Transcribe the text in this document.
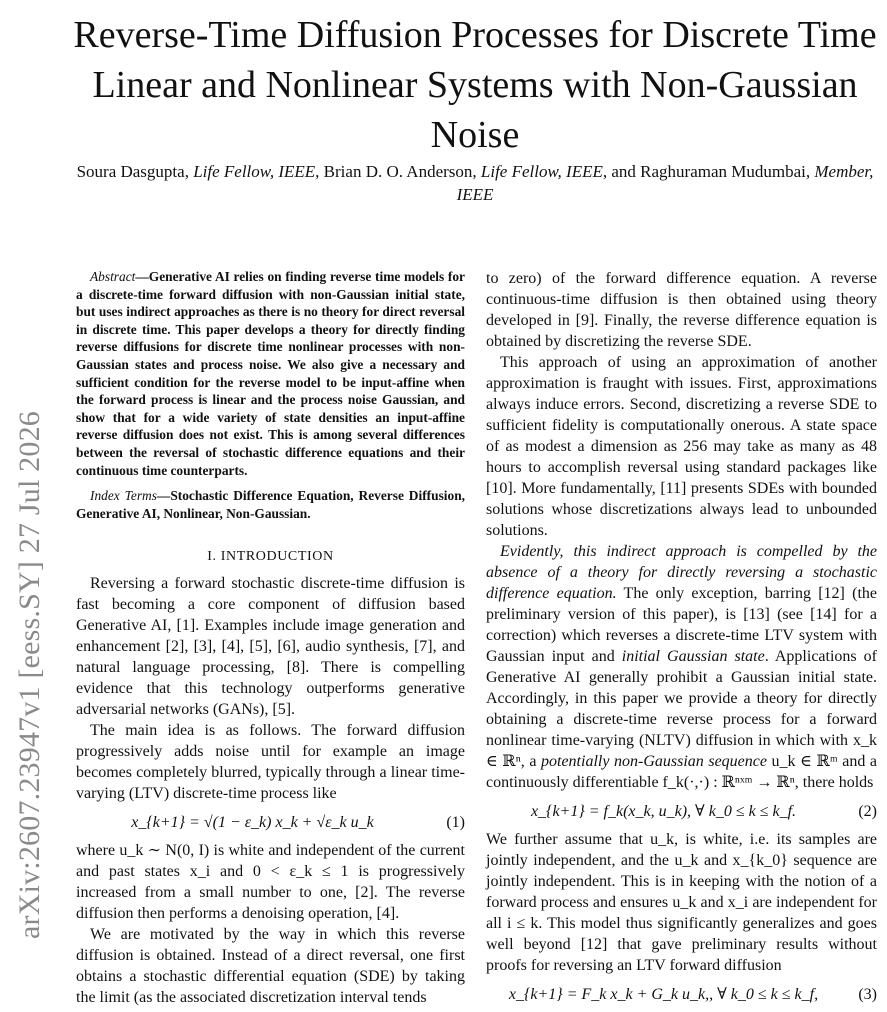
arXiv:2607.23947v1 [eess.SY] 27 Jul 2026
Reverse-Time Diffusion Processes for Discrete Time Linear and Nonlinear Systems with Non-Gaussian Noise

Soura Dasgupta, Life Fellow, IEEE, Brian D. O. Anderson, Life Fellow, IEEE, and Raghuraman Mudumbai, Member, IEEE

Abstract—Generative AI relies on finding reverse time models for a discrete-time forward diffusion with non-Gaussian initial state, but uses indirect approaches as there is no theory for direct reversal in discrete time. This paper develops a theory for directly finding reverse diffusions for discrete time nonlinear processes with non-Gaussian states and process noise. We also give a necessary and sufficient condition for the reverse model to be input-affine when the forward process is linear and the process noise Gaussian, and show that for a wide variety of state densities an input-affine reverse diffusion does not exist. This is among several differences between the reversal of stochastic difference equations and their continuous time counterparts.

Index Terms—Stochastic Difference Equation, Reverse Diffusion, Generative AI, Nonlinear, Non-Gaussian.

I. INTRODUCTION

Reversing a forward stochastic discrete-time diffusion is fast becoming a core component of diffusion based Generative AI, [1]. Examples include image generation and enhancement [2], [3], [4], [5], [6], audio synthesis, [7], and natural language processing, [8]. There is compelling evidence that this technology outperforms generative adversarial networks (GANs), [5].

The main idea is as follows. The forward diffusion progressively adds noise until for example an image becomes completely blurred, typically through a linear time-varying (LTV) discrete-time process like

x_{k+1} = √(1 − ε_k) x_k + √ε_k u_k	(1)

where u_k ∼ N(0, I) is white and independent of the current and past states x_i and 0 < ε_k ≤ 1 is progressively increased from a small number to one, [2]. The reverse diffusion then performs a denoising operation, [4].

We are motivated by the way in which this reverse diffusion is obtained. Instead of a direct reversal, one first obtains a stochastic differential equation (SDE) by taking the limit (as the associated discretization interval tends

to zero) of the forward difference equation. A reverse continuous-time diffusion is then obtained using theory developed in [9]. Finally, the reverse difference equation is obtained by discretizing the reverse SDE.

This approach of using an approximation of another approximation is fraught with issues. First, approximations always induce errors. Second, discretizing a reverse SDE to sufficient fidelity is computationally onerous. A state space of as modest a dimension as 256 may take as many as 48 hours to accomplish reversal using standard packages like [10]. More fundamentally, [11] presents SDEs with bounded solutions whose discretizations always lead to unbounded solutions.

Evidently, this indirect approach is compelled by the absence of a theory for directly reversing a stochastic difference equation. The only exception, barring [12] (the preliminary version of this paper), is [13] (see [14] for a correction) which reverses a discrete-time LTV system with Gaussian input and initial Gaussian state. Applications of Generative AI generally prohibit a Gaussian initial state. Accordingly, in this paper we provide a theory for directly obtaining a discrete-time reverse process for a forward nonlinear time-varying (NLTV) diffusion in which with x_k ∈ ℝⁿ, a potentially non-Gaussian sequence u_k ∈ ℝᵐ and a continuously differentiable f_k(·,·) : ℝⁿˣᵐ → ℝⁿ, there holds

x_{k+1} = f_k(x_k, u_k), ∀ k_0 ≤ k ≤ k_f.	(2)

We further assume that u_k, is white, i.e. its samples are jointly independent, and the u_k and x_{k_0} sequence are jointly independent. This is in keeping with the notion of a forward process and ensures u_k and x_i are independent for all i ≤ k. This model thus significantly generalizes and goes well beyond [12] that gave preliminary results without proofs for reversing an LTV forward diffusion

x_{k+1} = F_k x_k + G_k u_k,, ∀ k_0 ≤ k ≤ k_f,	(3)
